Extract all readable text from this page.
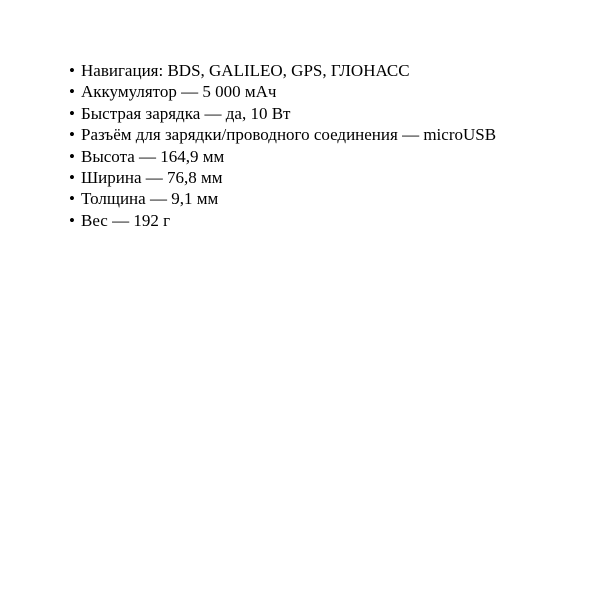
• Навигация: BDS, GALILEO, GPS, ГЛОНАСС
• Аккумулятор — 5 000 мАч
• Быстрая зарядка — да, 10 Вт
• Разъём для зарядки/проводного соединения — microUSB
• Высота — 164,9 мм
• Ширина — 76,8 мм
• Толщина — 9,1 мм
• Вес — 192 г
